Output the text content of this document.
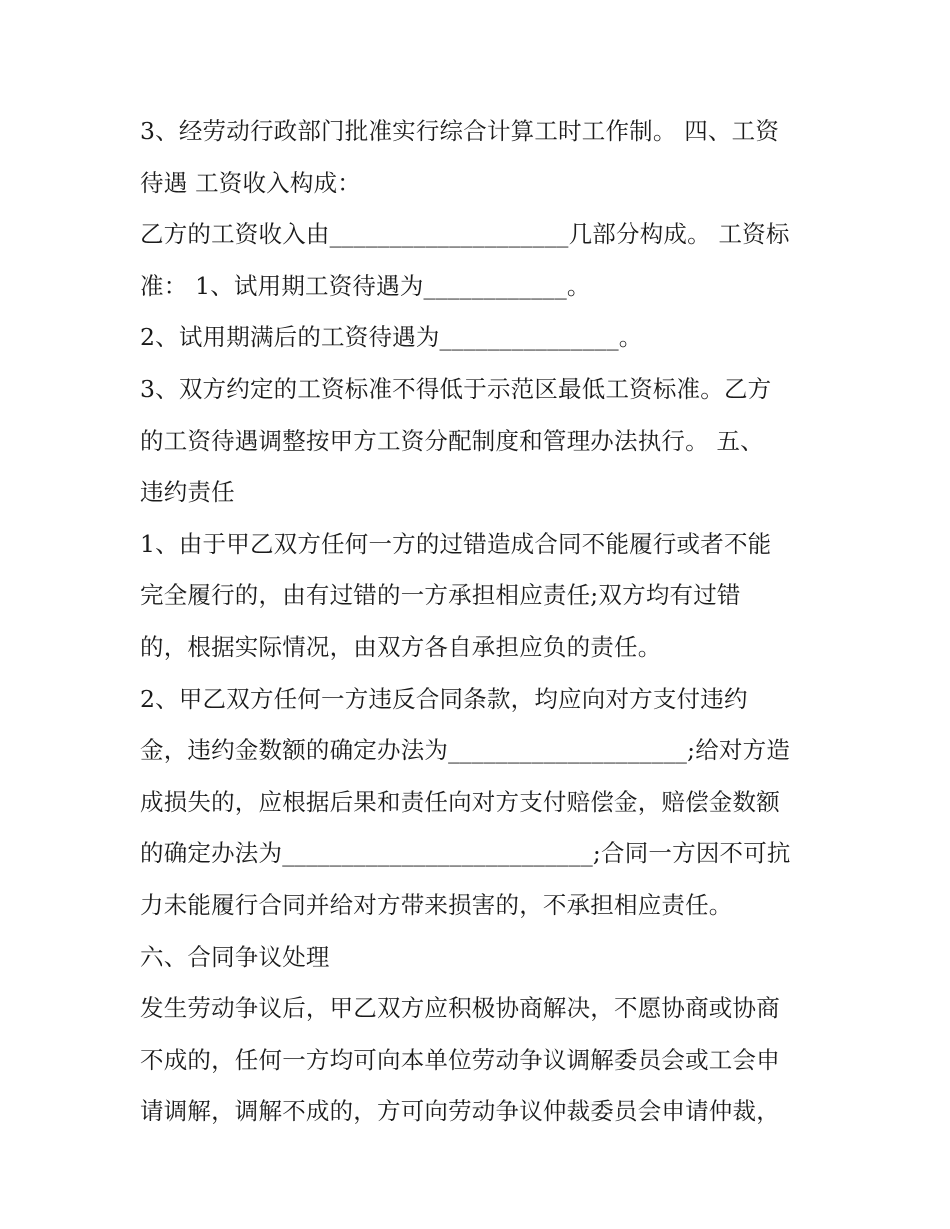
3、经劳动行政部门批准实行综合计算工时工作制。 四、工资
待遇 工资收入构成：
乙方的工资收入由____________________几部分构成。 工资标
准： 1、试用期工资待遇为____________。
2、试用期满后的工资待遇为_______________。
3、双方约定的工资标准不得低于示范区最低工资标准。乙方
的工资待遇调整按甲方工资分配制度和管理办法执行。 五、
违约责任
1、由于甲乙双方任何一方的过错造成合同不能履行或者不能
完全履行的，由有过错的一方承担相应责任;双方均有过错
的，根据实际情况，由双方各自承担应负的责任。
2、甲乙双方任何一方违反合同条款，均应向对方支付违约
金，违约金数额的确定办法为____________________;给对方造
成损失的，应根据后果和责任向对方支付赔偿金，赔偿金数额
的确定办法为__________________________;合同一方因不可抗
力未能履行合同并给对方带来损害的，不承担相应责任。
六、合同争议处理
发生劳动争议后，甲乙双方应积极协商解决，不愿协商或协商
不成的，任何一方均可向本单位劳动争议调解委员会或工会申
请调解，调解不成的，方可向劳动争议仲裁委员会申请仲裁，
